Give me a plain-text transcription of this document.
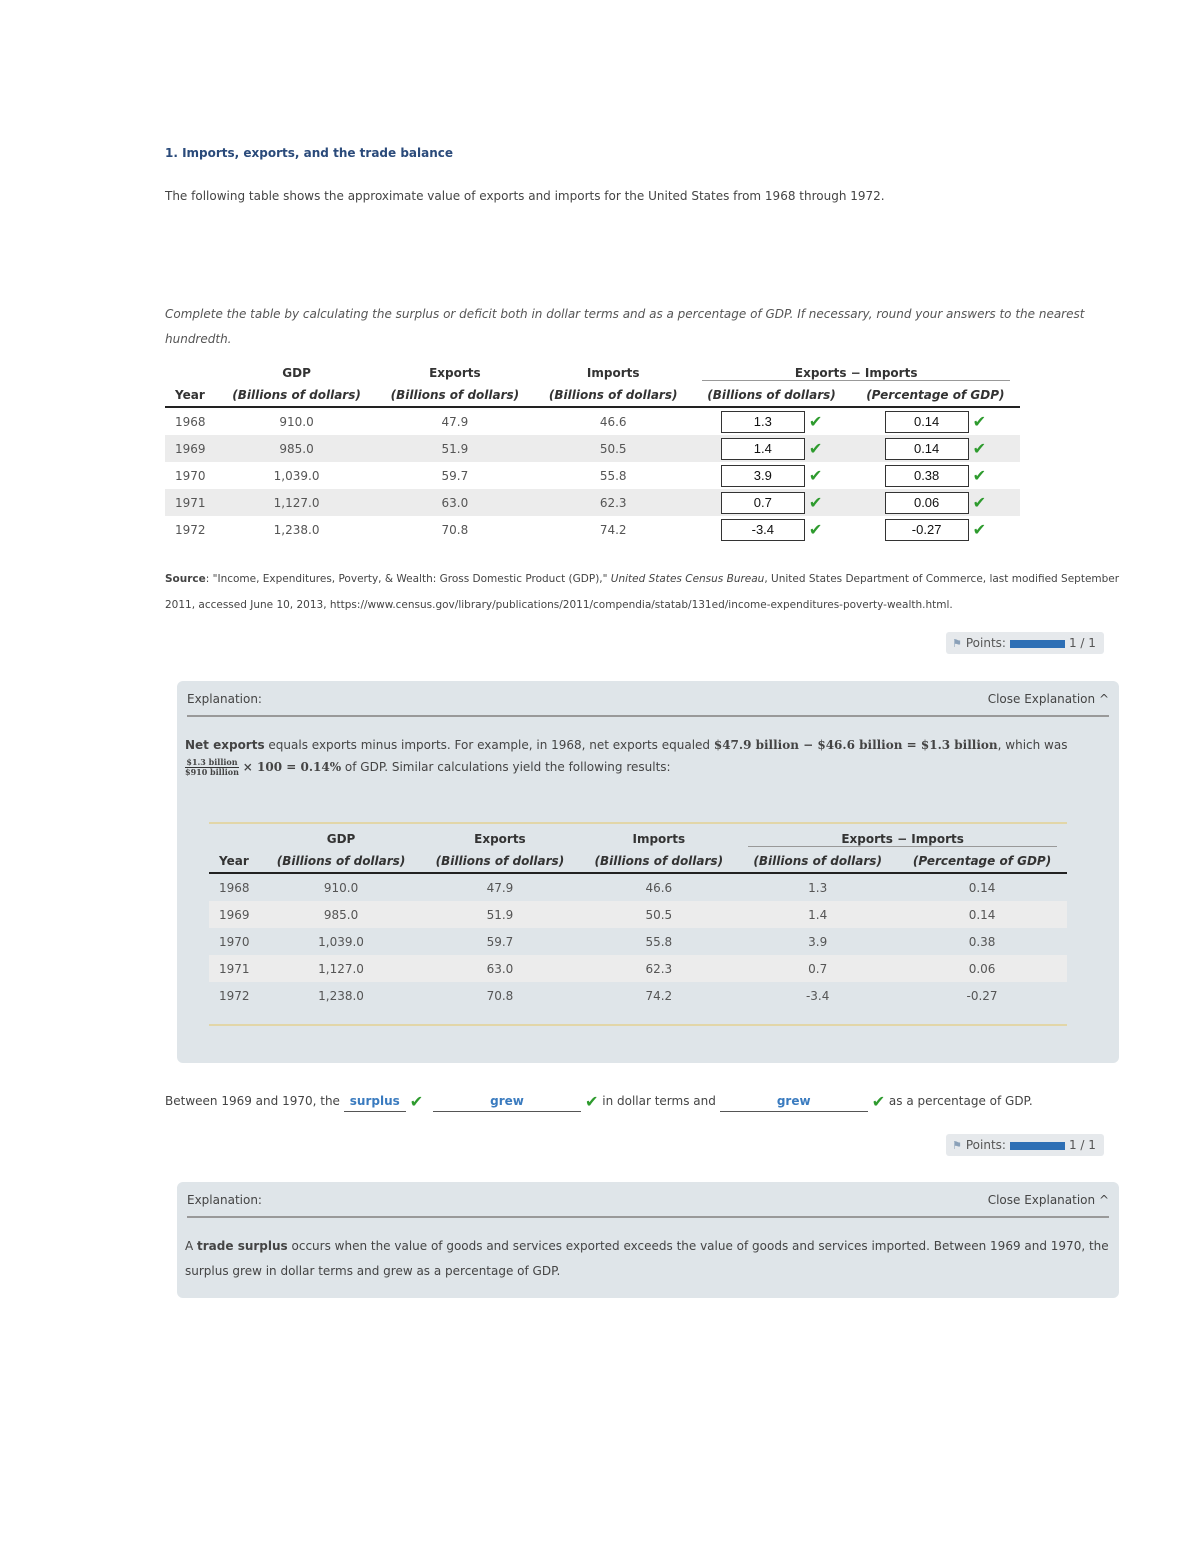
1. Imports, exports, and the trade balance
The following table shows the approximate value of exports and imports for the United States from 1968 through 1972.
Complete the table by calculating the surplus or deficit both in dollar terms and as a percentage of GDP. If necessary, round your answers to the nearest hundredth.
	GDP	Exports	Imports	Exports − Imports	

Year	(Billions of dollars)	(Billions of dollars)	(Billions of dollars)	(Billions of dollars)	(Percentage of GDP)
1968	910.0	47.9	46.6	1.3 ✔	0.14 ✔
1969	985.0	51.9	50.5	1.4 ✔	0.14 ✔
1970	1,039.0	59.7	55.8	3.9 ✔	0.38 ✔
1971	1,127.0	63.0	62.3	0.7 ✔	0.06 ✔
1972	1,238.0	70.8	74.2	-3.4 ✔	-0.27 ✔
Source: "Income, Expenditures, Poverty, & Wealth: Gross Domestic Product (GDP)," United States Census Bureau, United States Department of Commerce, last modified September 2011, accessed June 10, 2013, https://www.census.gov/library/publications/2011/compendia/statab/131ed/income-expenditures-poverty-wealth.html.
⚑ Points:	1 / 1
Explanation:	Close Explanation ^
Net exports equals exports minus imports. For example, in 1968, net exports equaled $47.9 billion − $46.6 billion = $1.3 billion, which was

$\frac{\text{\$1.3 billion}}{\text{\$910 billion}} \times 100 = 0.14\%$ of GDP. Similar calculations yield the following results:
	GDP	Exports	Imports	Exports − Imports	

Year	(Billions of dollars)	(Billions of dollars)	(Billions of dollars)	(Billions of dollars)	(Percentage of GDP)
1968	910.0	47.9	46.6	1.3	0.14
1969	985.0	51.9	50.5	1.4	0.14
1970	1,039.0	59.7	55.8	3.9	0.38
1971	1,127.0	63.0	62.3	0.7	0.06
1972	1,238.0	70.8	74.2	-3.4	-0.27
Between 1969 and 1970, the surplus ✔	grew	✔ in dollar terms and	grew	✔ as a percentage of GDP.
⚑ Points:	1 / 1
Explanation:	Close Explanation ^
A trade surplus occurs when the value of goods and services exported exceeds the value of goods and services imported. Between 1969 and 1970, the surplus grew in dollar terms and grew as a percentage of GDP.
